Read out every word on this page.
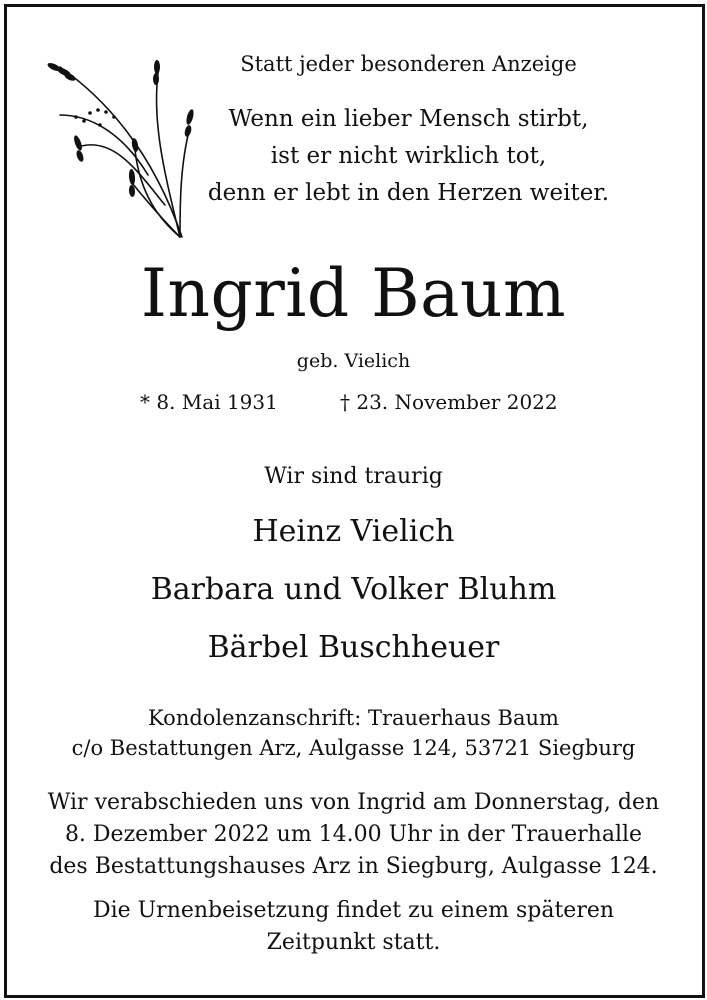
Statt jeder besonderen Anzeige
Wenn ein lieber Mensch stirbt,
ist er nicht wirklich tot,
denn er lebt in den Herzen weiter.
Ingrid Baum
geb. Vielich
* 8. Mai 1931	† 23. November 2022
Wir sind traurig
Heinz Vielich
Barbara und Volker Bluhm
Bärbel Buschheuer
Kondolenzanschrift: Trauerhaus Baum
c/o Bestattungen Arz, Aulgasse 124, 53721 Siegburg
Wir verabschieden uns von Ingrid am Donnerstag, den
8. Dezember 2022 um 14.00 Uhr in der Trauerhalle
des Bestattungshauses Arz in Siegburg, Aulgasse 124.
Die Urnenbeisetzung findet zu einem späteren
Zeitpunkt statt.
